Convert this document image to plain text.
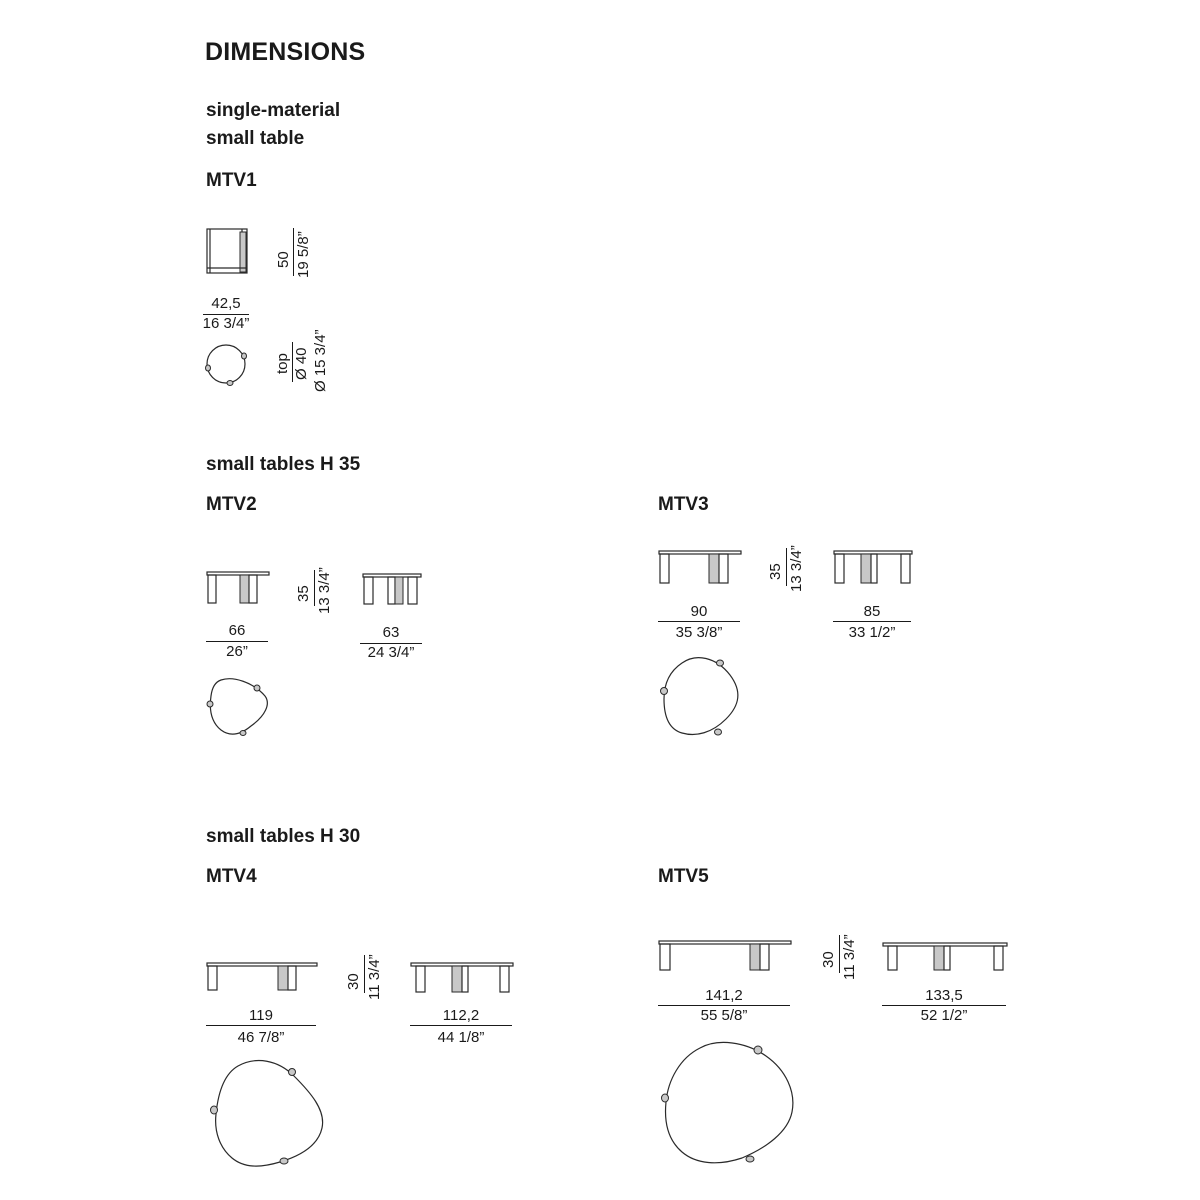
DIMENSIONS
single-material
small table
MTV1
50 19 5/8”
42,5
16 3/4”
top Ø 40 Ø 15 3/4”
small tables H 35
MTV2
35 13 3/4”
66
26”
63
24 3/4”
MTV3
35 13 3/4”
90
35 3/8”
85
33 1/2”
small tables H 30
MTV4
30 11 3/4”
119
46 7/8”
112,2
44 1/8”
MTV5
30 11 3/4”
141,2
55 5/8”
133,5
52 1/2”
